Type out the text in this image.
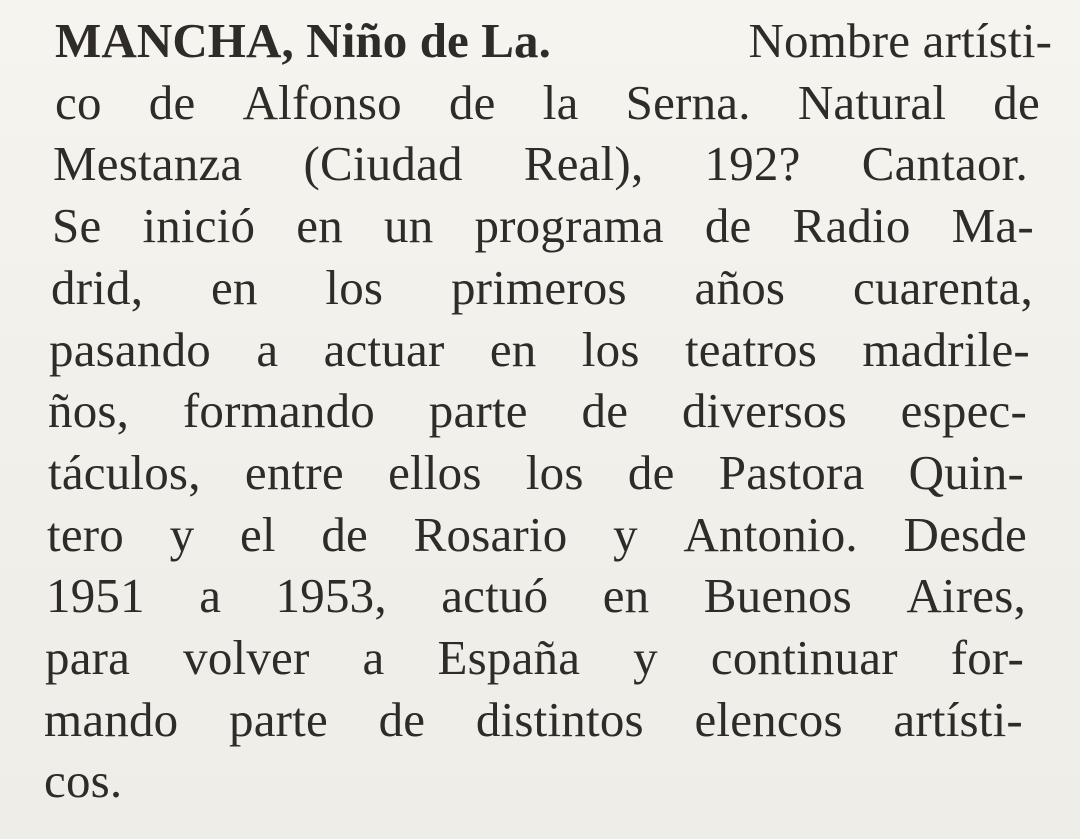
MANCHA, Niño de La.	Nombre artísti-
co de Alfonso de la Serna. Natural de
Mestanza (Ciudad Real), 192? Cantaor.
Se inició en un programa de Radio Ma-
drid, en los primeros años cuarenta,
pasando a actuar en los teatros madrile-
ños, formando parte de diversos espec-
táculos, entre ellos los de Pastora Quin-
tero y el de Rosario y Antonio. Desde
1951 a 1953, actuó en Buenos Aires,
para volver a España y continuar for-
mando parte de distintos elencos artísti-
cos.
